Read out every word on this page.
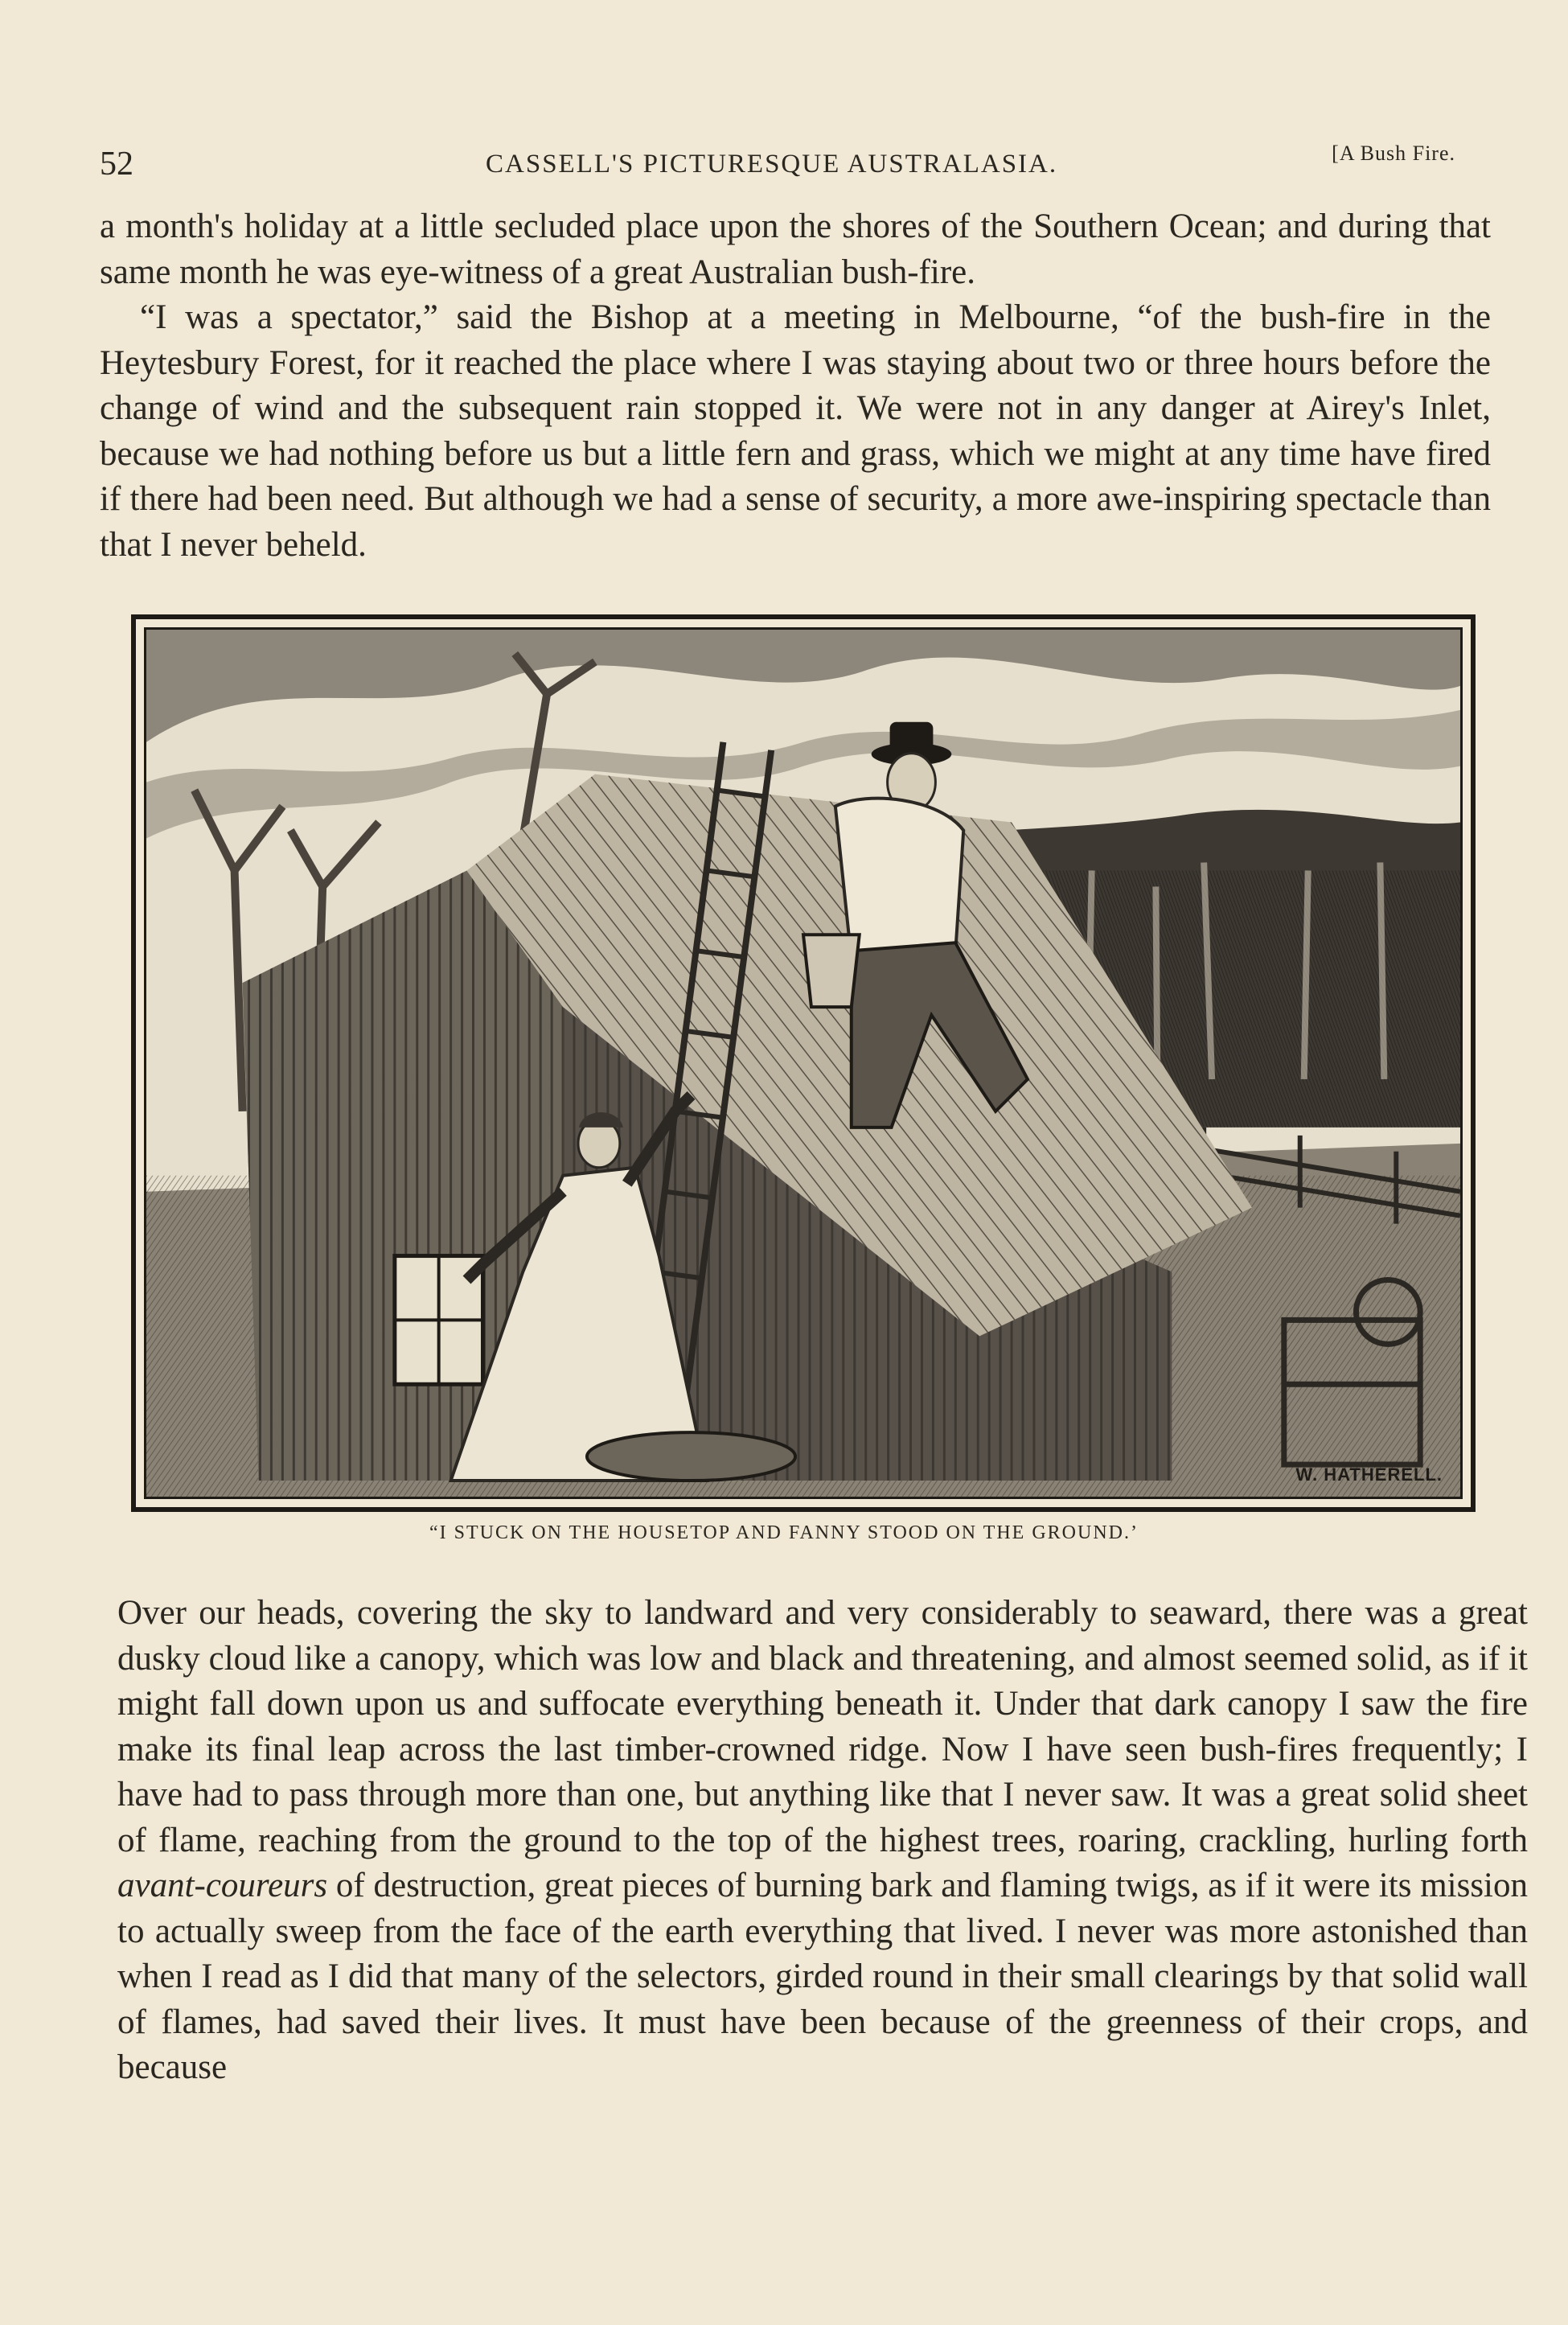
52	CASSELL'S PICTURESQUE AUSTRALASIA.	[A Bush Fire.

a month's holiday at a little secluded place upon the shores of the Southern Ocean; and during that same month he was eye-witness of a great Australian bush-fire.

“I was a spectator,” said the Bishop at a meeting in Melbourne, “of the bush-fire in the Heytesbury Forest, for it reached the place where I was staying about two or three hours before the change of wind and the subsequent rain stopped it. We were not in any danger at Airey's Inlet, because we had nothing before us but a little fern and grass, which we might at any time have fired if there had been need. But although we had a sense of security, a more awe-inspiring spectacle than that I never beheld.

W. HATHERELL.
“I STUCK ON THE HOUSETOP AND FANNY STOOD ON THE GROUND.’

Over our heads, covering the sky to landward and very considerably to seaward, there was a great dusky cloud like a canopy, which was low and black and threatening, and almost seemed solid, as if it might fall down upon us and suffocate everything beneath it. Under that dark canopy I saw the fire make its final leap across the last timber-crowned ridge. Now I have seen bush-fires frequently; I have had to pass through more than one, but anything like that I never saw. It was a great solid sheet of flame, reaching from the ground to the top of the highest trees, roaring, crackling, hurling forth avant-coureurs of destruction, great pieces of burning bark and flaming twigs, as if it were its mission to actually sweep from the face of the earth everything that lived. I never was more astonished than when I read as I did that many of the selectors, girded round in their small clearings by that solid wall of flames, had saved their lives. It must have been because of the greenness of their crops, and because
